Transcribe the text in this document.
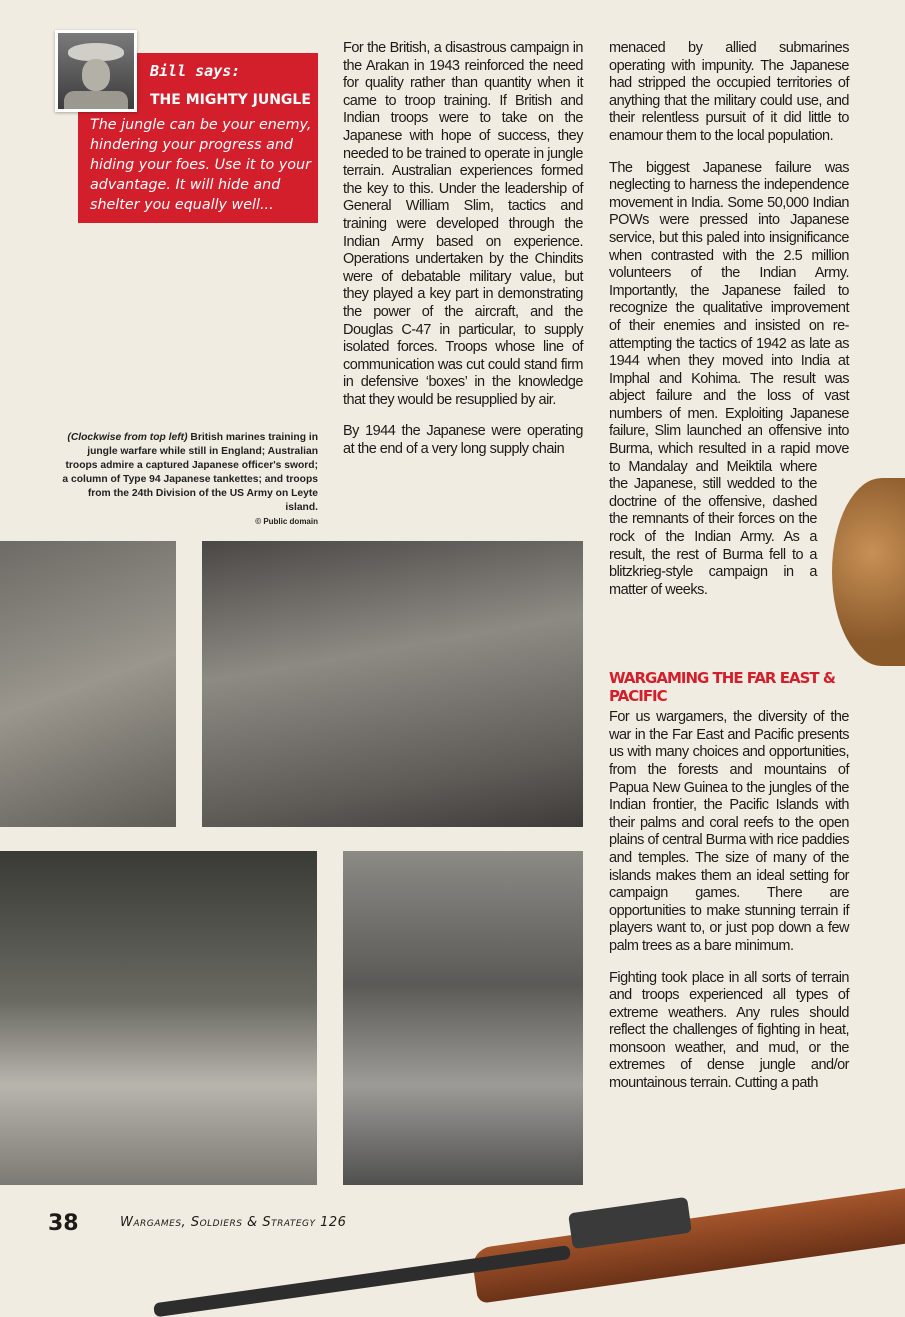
Bill says:
THE MIGHTY JUNGLE
The jungle can be your enemy, hindering your progress and hiding your foes. Use it to your advantage. It will hide and shelter you equally well...
(Clockwise from top left) British marines training in jungle warfare while still in England; Australian troops admire a captured Japanese officer's sword; a column of Type 94 Japanese tankettes; and troops from the 24th Division of the US Army on Leyte island.
© Public domain

For the British, a disastrous campaign in the Arakan in 1943 reinforced the need for quality rather than quantity when it came to troop training. If British and Indian troops were to take on the Japanese with hope of success, they needed to be trained to operate in jungle terrain. Australian experiences formed the key to this. Under the leadership of General William Slim, tactics and training were developed through the Indian Army based on experience. Operations undertaken by the Chindits were of debatable military value, but they played a key part in demonstrating the power of the aircraft, and the Douglas C-47 in particular, to supply isolated forces. Troops whose line of communication was cut could stand firm in defensive ‘boxes’ in the knowledge that they would be resupplied by air.

By 1944 the Japanese were operating at the end of a very long supply chain

menaced by allied submarines operating with impunity. The Japanese had stripped the occupied territories of anything that the military could use, and their relentless pursuit of it did little to enamour them to the local population.

The biggest Japanese failure was neglecting to harness the independence movement in India. Some 50,000 Indian POWs were pressed into Japanese service, but this paled into insignificance when contrasted with the 2.5 million volunteers of the Indian Army. Importantly, the Japanese failed to recognize the qualitative improvement of their enemies and insisted on re-attempting the tactics of 1942 as late as 1944 when they moved into India at Imphal and Kohima. The result was abject failure and the loss of vast numbers of men. Exploiting Japanese failure, Slim launched an offensive into Burma, which resulted in a rapid move to Mandalay and Meiktila where the Japanese, still wedded to the doctrine of the offensive, dashed the remnants of their forces on the rock of the Indian Army. As a result, the rest of Burma fell to a blitzkrieg-style campaign in a matter of weeks.

WARGAMING THE FAR EAST & PACIFIC

For us wargamers, the diversity of the war in the Far East and Pacific presents us with many choices and opportunities, from the forests and mountains of Papua New Guinea to the jungles of the Indian frontier, the Pacific Islands with their palms and coral reefs to the open plains of central Burma with rice paddies and temples. The size of many of the islands makes them an ideal setting for campaign games. There are opportunities to make stunning terrain if players want to, or just pop down a few palm trees as a bare minimum.

Fighting took place in all sorts of terrain and troops experienced all types of extreme weathers. Any rules should reflect the challenges of fighting in heat, monsoon weather, and mud, or the extremes of dense jungle and/or mountainous terrain. Cutting a path

38	Wargames, Soldiers & Strategy 126
